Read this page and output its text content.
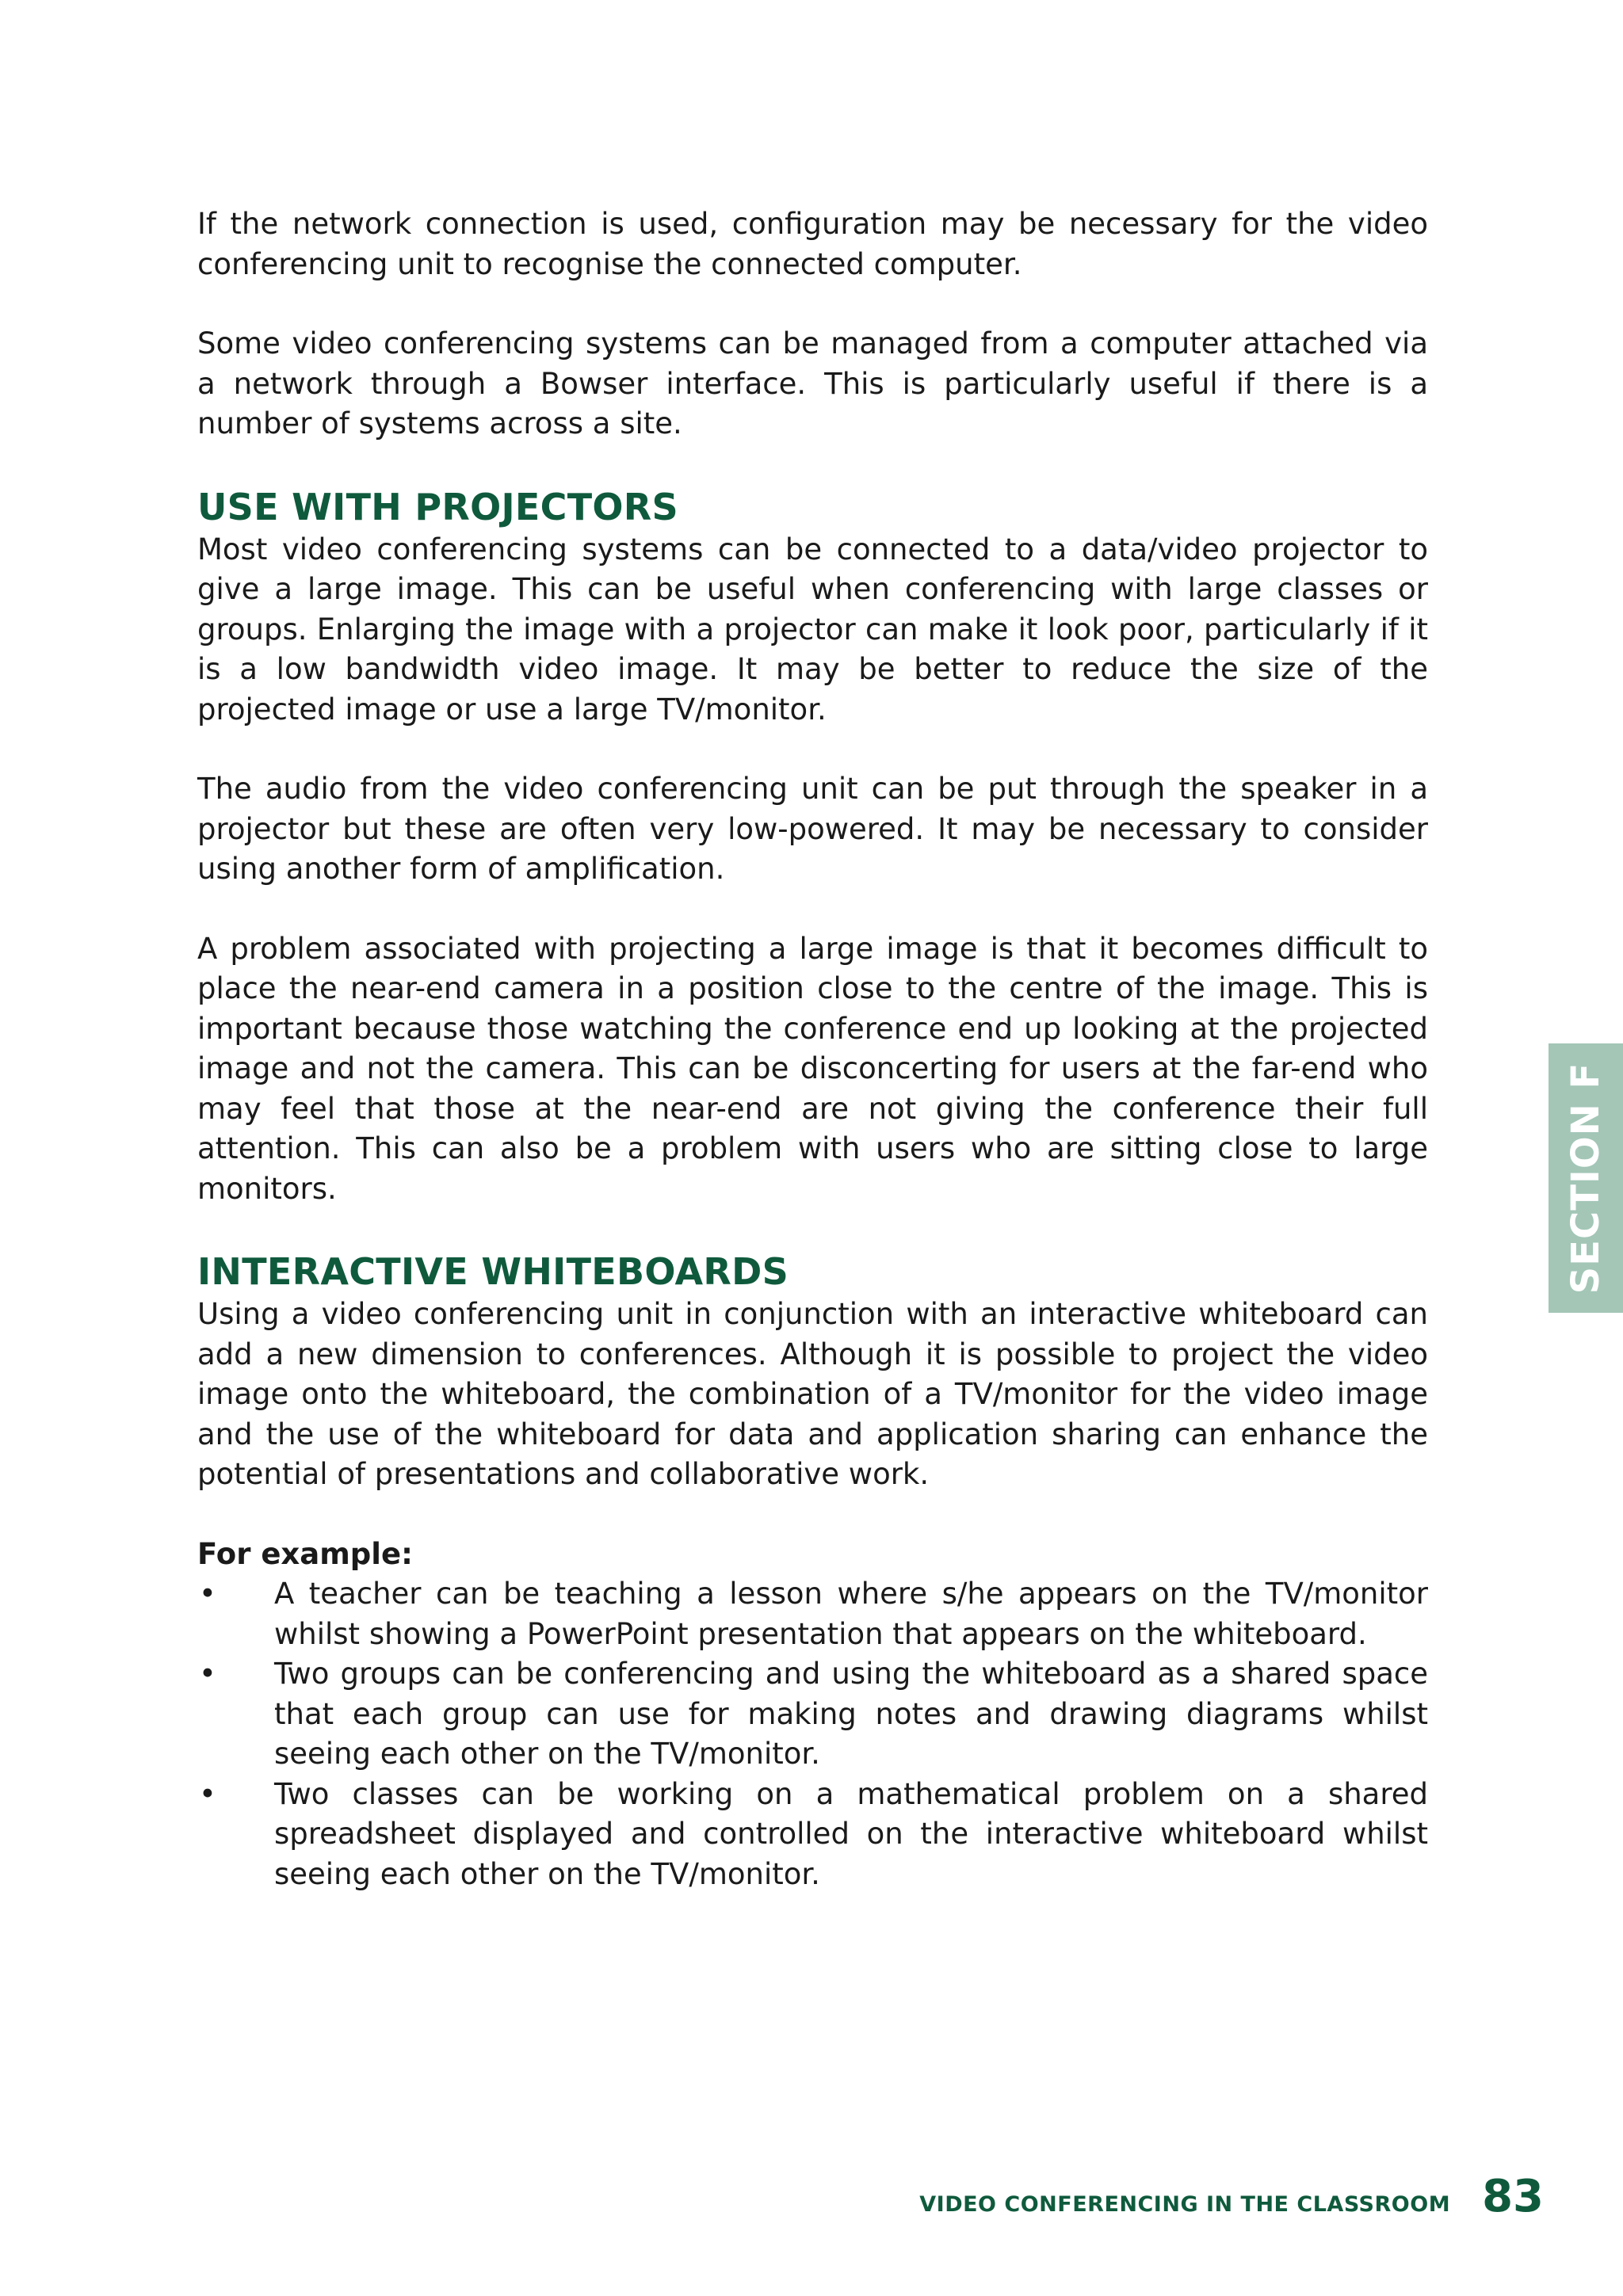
If the network connection is used, configuration may be necessary for the video conferencing unit to recognise the connected computer.

Some video conferencing systems can be managed from a computer attached via a network through a Bowser interface. This is particularly useful if there is a number of systems across a site.

USE WITH PROJECTORS

Most video conferencing systems can be connected to a data/video projector to give a large image. This can be useful when conferencing with large classes or groups. Enlarging the image with a projector can make it look poor, particularly if it is a low bandwidth video image. It may be better to reduce the size of the projected image or use a large TV/monitor.

The audio from the video conferencing unit can be put through the speaker in a projector but these are often very low-powered. It may be necessary to consider using another form of amplification.

A problem associated with projecting a large image is that it becomes difficult to place the near-end camera in a position close to the centre of the image. This is important because those watching the conference end up looking at the projected image and not the camera. This can be disconcerting for users at the far-end who may feel that those at the near-end are not giving the conference their full attention. This can also be a problem with users who are sitting close to large monitors.

INTERACTIVE WHITEBOARDS

Using a video conferencing unit in conjunction with an interactive whiteboard can add a new dimension to conferences. Although it is possible to project the video image onto the whiteboard, the combination of a TV/monitor for the video image and the use of the whiteboard for data and application sharing can enhance the potential of presentations and collaborative work.

For example:
• A teacher can be teaching a lesson where s/he appears on the TV/monitor whilst showing a PowerPoint presentation that appears on the whiteboard.
• Two groups can be conferencing and using the whiteboard as a shared space that each group can use for making notes and drawing diagrams whilst seeing each other on the TV/monitor.
• Two classes can be working on a mathematical problem on a shared spreadsheet displayed and controlled on the interactive whiteboard whilst seeing each other on the TV/monitor.
SECTION F
VIDEO CONFERENCING IN THE CLASSROOM 83
